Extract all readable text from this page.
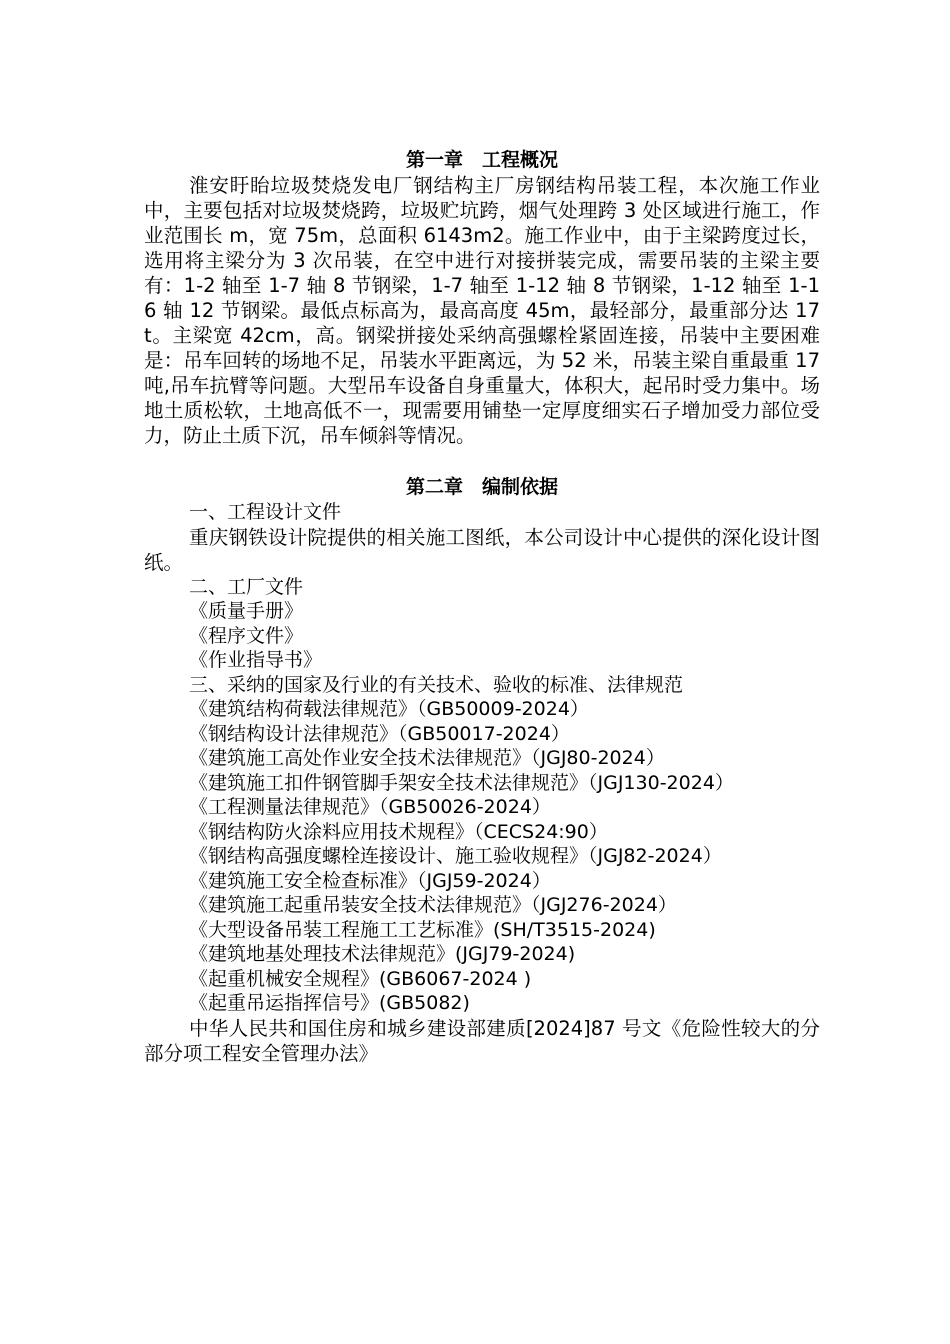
第一章　工程概况

淮安盱眙垃圾焚烧发电厂钢结构主厂房钢结构吊装工程，本次施工作业中，主要包括对垃圾焚烧跨，垃圾贮坑跨，烟气处理跨 3 处区域进行施工，作业范围长 m，宽 75m，总面积 6143m2。施工作业中，由于主梁跨度过长，选用将主梁分为 3 次吊装，在空中进行对接拼装完成，需要吊装的主梁主要有：1-2 轴至 1-7 轴 8 节钢梁，1-7 轴至 1-12 轴 8 节钢梁，1-12 轴至 1-16 轴 12 节钢梁。最低点标高为，最高高度 45m，最轻部分，最重部分达 17t。主梁宽 42cm，高。钢梁拼接处采纳高强螺栓紧固连接，吊装中主要困难是：吊车回转的场地不足，吊装水平距离远，为 52 米，吊装主梁自重最重 17 吨,吊车抗臂等问题。大型吊车设备自身重量大，体积大，起吊时受力集中。场地土质松软，土地高低不一，现需要用铺垫一定厚度细实石子增加受力部位受力，防止土质下沉，吊车倾斜等情况。

第二章　编制依据

一、工程设计文件

重庆钢铁设计院提供的相关施工图纸，本公司设计中心提供的深化设计图纸。

二、工厂文件

《质量手册》

《程序文件》

《作业指导书》

三、采纳的国家及行业的有关技术、验收的标准、法律规范

《建筑结构荷载法律规范》（GB50009-2024）

《钢结构设计法律规范》（GB50017-2024）

《建筑施工高处作业安全技术法律规范》（JGJ80-2024）

《建筑施工扣件钢管脚手架安全技术法律规范》（JGJ130-2024）

《工程测量法律规范》（GB50026-2024）

《钢结构防火涂料应用技术规程》（CECS24:90）

《钢结构高强度螺栓连接设计、施工验收规程》（JGJ82-2024）

《建筑施工安全检查标准》（JGJ59-2024）

《建筑施工起重吊装安全技术法律规范》（JGJ276-2024）

《大型设备吊装工程施工工艺标准》(SH/T3515-2024)

《建筑地基处理技术法律规范》(JGJ79-2024)

《起重机械安全规程》(GB6067-2024 )

《起重吊运指挥信号》(GB5082)

中华人民共和国住房和城乡建设部建质[2024]87 号文《危险性较大的分部分项工程安全管理办法》
